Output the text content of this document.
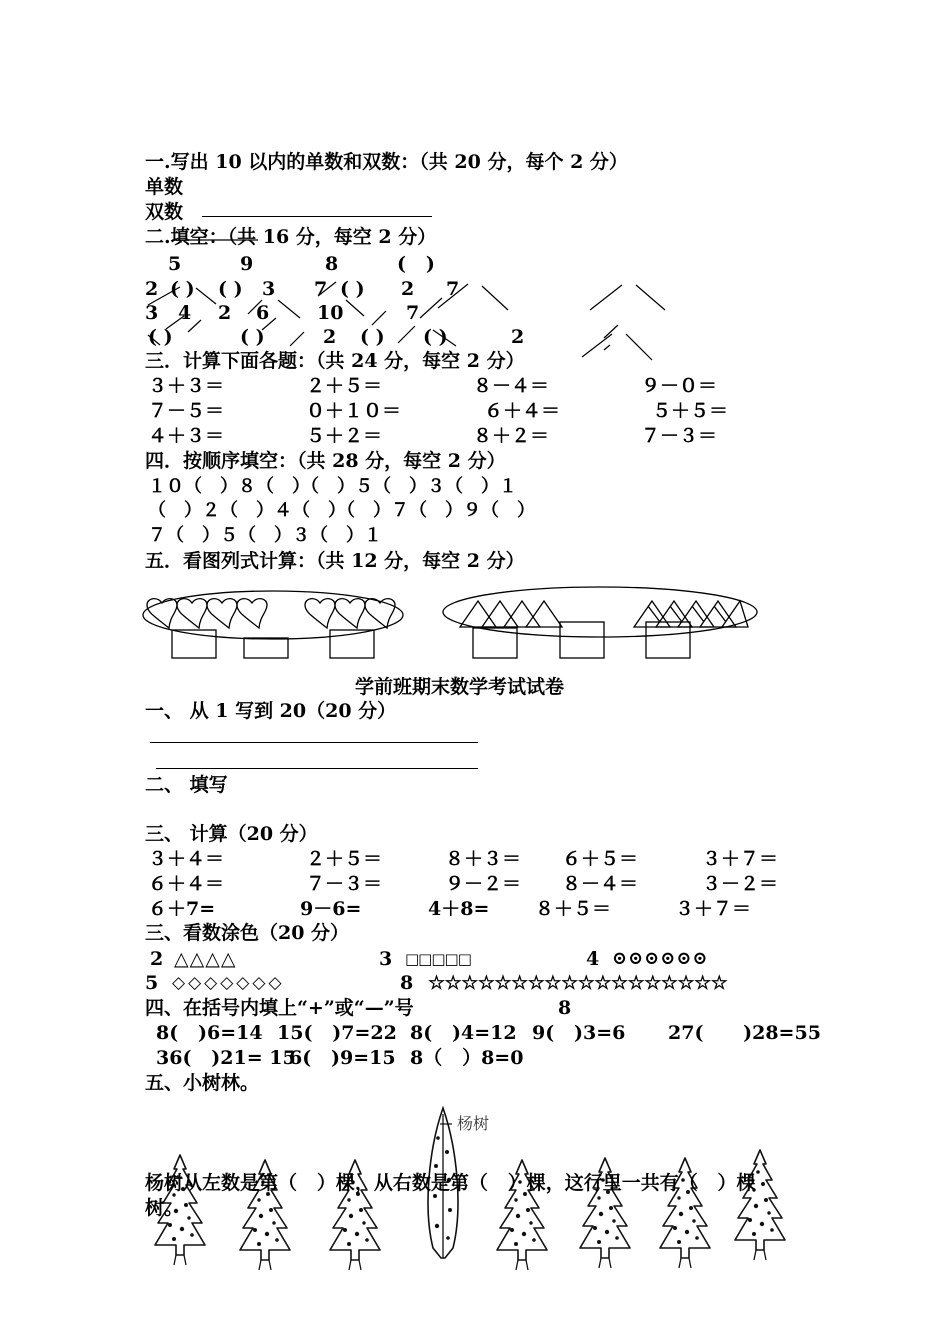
一.写出 10 以内的单数和双数：（共 20 分，每个 2 分）
单数
双数
二.填空：（共 16 分，每空 2 分）
5	9	8	(   )
2 ( ) ( ) 3 7 ( ) 2 7
3 4 2 6	10	7
( )	( )	2 ( ) ( )	2
三．计算下面各题：（共 24 分，每空 2 分）
３＋３＝	２＋５＝	８－４＝	９－０＝
７－５＝	０＋１０＝	６＋４＝	５＋５＝
４＋３＝	５＋２＝	８＋２＝	７－３＝
四．按顺序填空：（共 28 分，每空 2 分）
１０（　）８（　）（　）５（　）３（　）１
（　）２（　）４（　）（　）７（　）９（　）
７（　）５（　）３（　）１
五．看图列式计算：（共 12 分，每空 2 分）
学前班期末数学考试试卷
一、 从 1 写到 20（20 分）
二、 填写
三、 计算（20 分）
３＋４＝	２＋５＝	８＋３＝ ６＋５＝	３＋７＝
６＋４＝	７－３＝	９－２＝ ８－４＝	３－２＝
６＋7=	9－6=	4＋8= ８＋５＝	３＋７＝
三、看数涂色（20 分）
2 △△△△	3 □□□□□	4 ⊙⊙⊙⊙⊙⊙
5 ◇◇◇◇◇◇◇	8 ☆☆☆☆☆☆☆☆☆☆☆☆☆☆☆☆☆☆
四、在括号内填上“+”或“—”号	8
8(   )6=14 15(   )7=22 8(   )4=12 9(   )3=6 27(      )28=55
36(   )21= 15
6(   )9=15 8（   ）8=0
五、小树林。
杨树
杨树从左数是第（   ）棵，从右数是第（   ）棵，这行里一共有（   ）棵
树。
